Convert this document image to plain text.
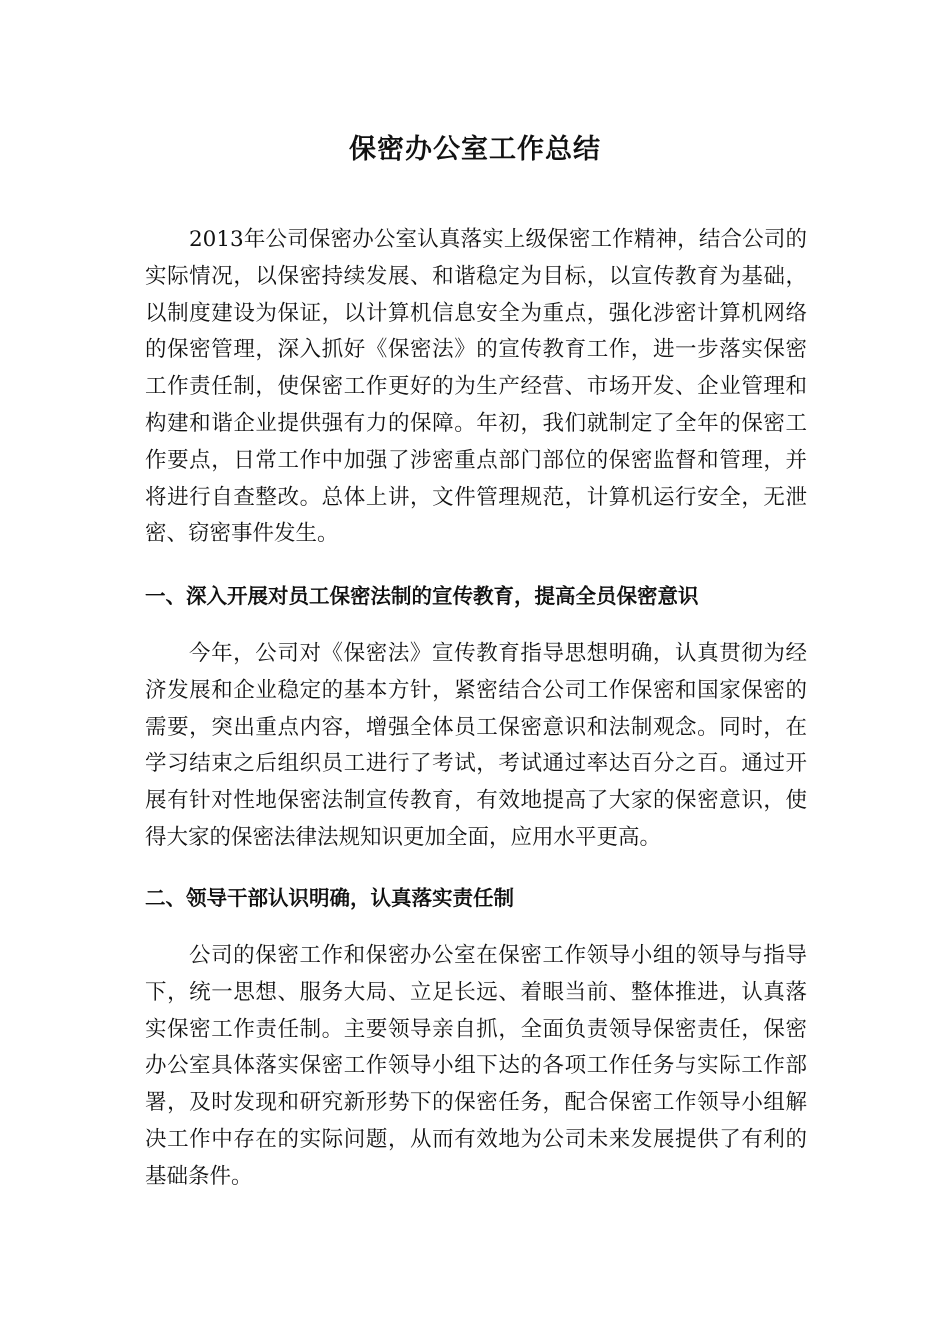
保密办公室工作总结

2013年公司保密办公室认真落实上级保密工作精神，结合公司的实际情况，以保密持续发展、和谐稳定为目标，以宣传教育为基础，以制度建设为保证，以计算机信息安全为重点，强化涉密计算机网络的保密管理，深入抓好《保密法》的宣传教育工作，进一步落实保密工作责任制，使保密工作更好的为生产经营、市场开发、企业管理和构建和谐企业提供强有力的保障。年初，我们就制定了全年的保密工作要点，日常工作中加强了涉密重点部门部位的保密监督和管理，并将进行自查整改。总体上讲，文件管理规范，计算机运行安全，无泄密、窃密事件发生。

一、深入开展对员工保密法制的宣传教育，提高全员保密意识

今年，公司对《保密法》宣传教育指导思想明确，认真贯彻为经济发展和企业稳定的基本方针，紧密结合公司工作保密和国家保密的需要，突出重点内容，增强全体员工保密意识和法制观念。同时，在学习结束之后组织员工进行了考试，考试通过率达百分之百。通过开展有针对性地保密法制宣传教育，有效地提高了大家的保密意识，使得大家的保密法律法规知识更加全面，应用水平更高。

二、领导干部认识明确，认真落实责任制

公司的保密工作和保密办公室在保密工作领导小组的领导与指导下，统一思想、服务大局、立足长远、着眼当前、整体推进，认真落实保密工作责任制。主要领导亲自抓，全面负责领导保密责任，保密办公室具体落实保密工作领导小组下达的各项工作任务与实际工作部署，及时发现和研究新形势下的保密任务，配合保密工作领导小组解决工作中存在的实际问题，从而有效地为公司未来发展提供了有利的基础条件。
